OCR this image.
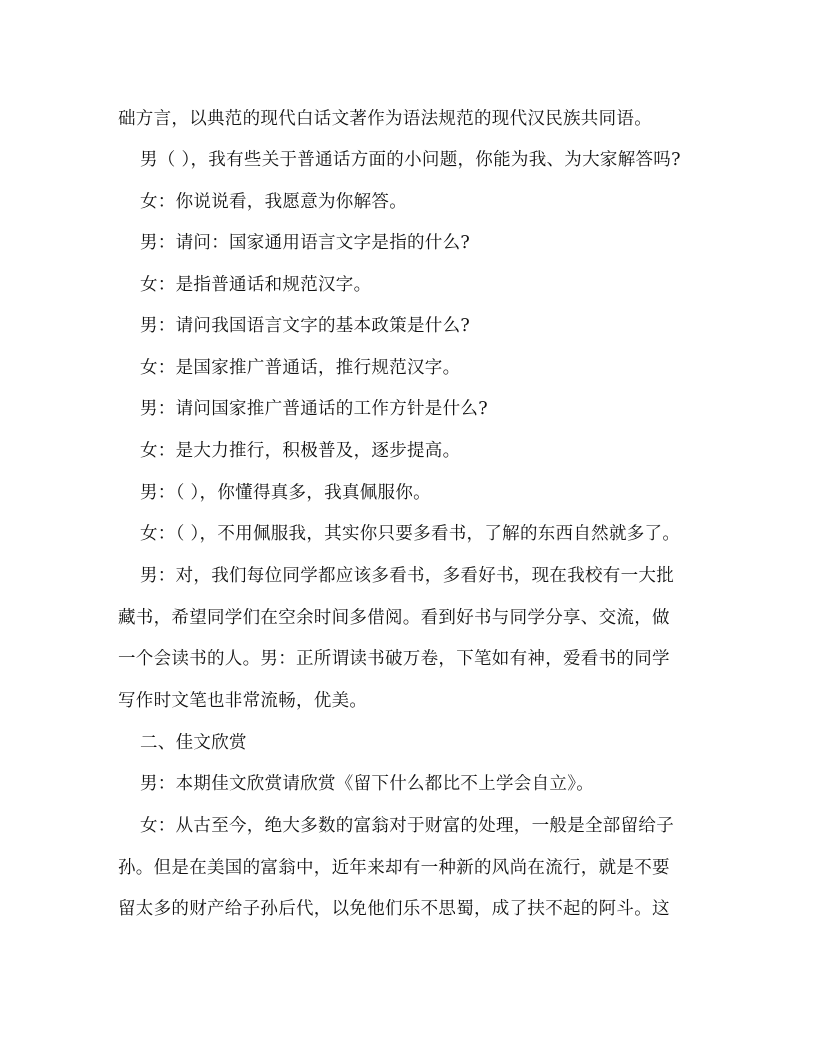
础方言，以典范的现代白话文著作为语法规范的现代汉民族共同语。
男（ ），我有些关于普通话方面的小问题，你能为我、为大家解答吗?
女：你说说看，我愿意为你解答。
男：请问：国家通用语言文字是指的什么?
女：是指普通话和规范汉字。
男：请问我国语言文字的基本政策是什么?
女：是国家推广普通话，推行规范汉字。
男：请问国家推广普通话的工作方针是什么?
女：是大力推行，积极普及，逐步提高。
男：（ ），你懂得真多，我真佩服你。
女：（ ），不用佩服我，其实你只要多看书，了解的东西自然就多了。
男：对，我们每位同学都应该多看书，多看好书，现在我校有一大批
藏书，希望同学们在空余时间多借阅。看到好书与同学分享、交流，做
一个会读书的人。男：正所谓读书破万卷，下笔如有神，爱看书的同学
写作时文笔也非常流畅，优美。
二、佳文欣赏
男：本期佳文欣赏请欣赏《留下什么都比不上学会自立》。
女：从古至今，绝大多数的富翁对于财富的处理，一般是全部留给子
孙。但是在美国的富翁中，近年来却有一种新的风尚在流行，就是不要
留太多的财产给子孙后代，以免他们乐不思蜀，成了扶不起的阿斗。这
